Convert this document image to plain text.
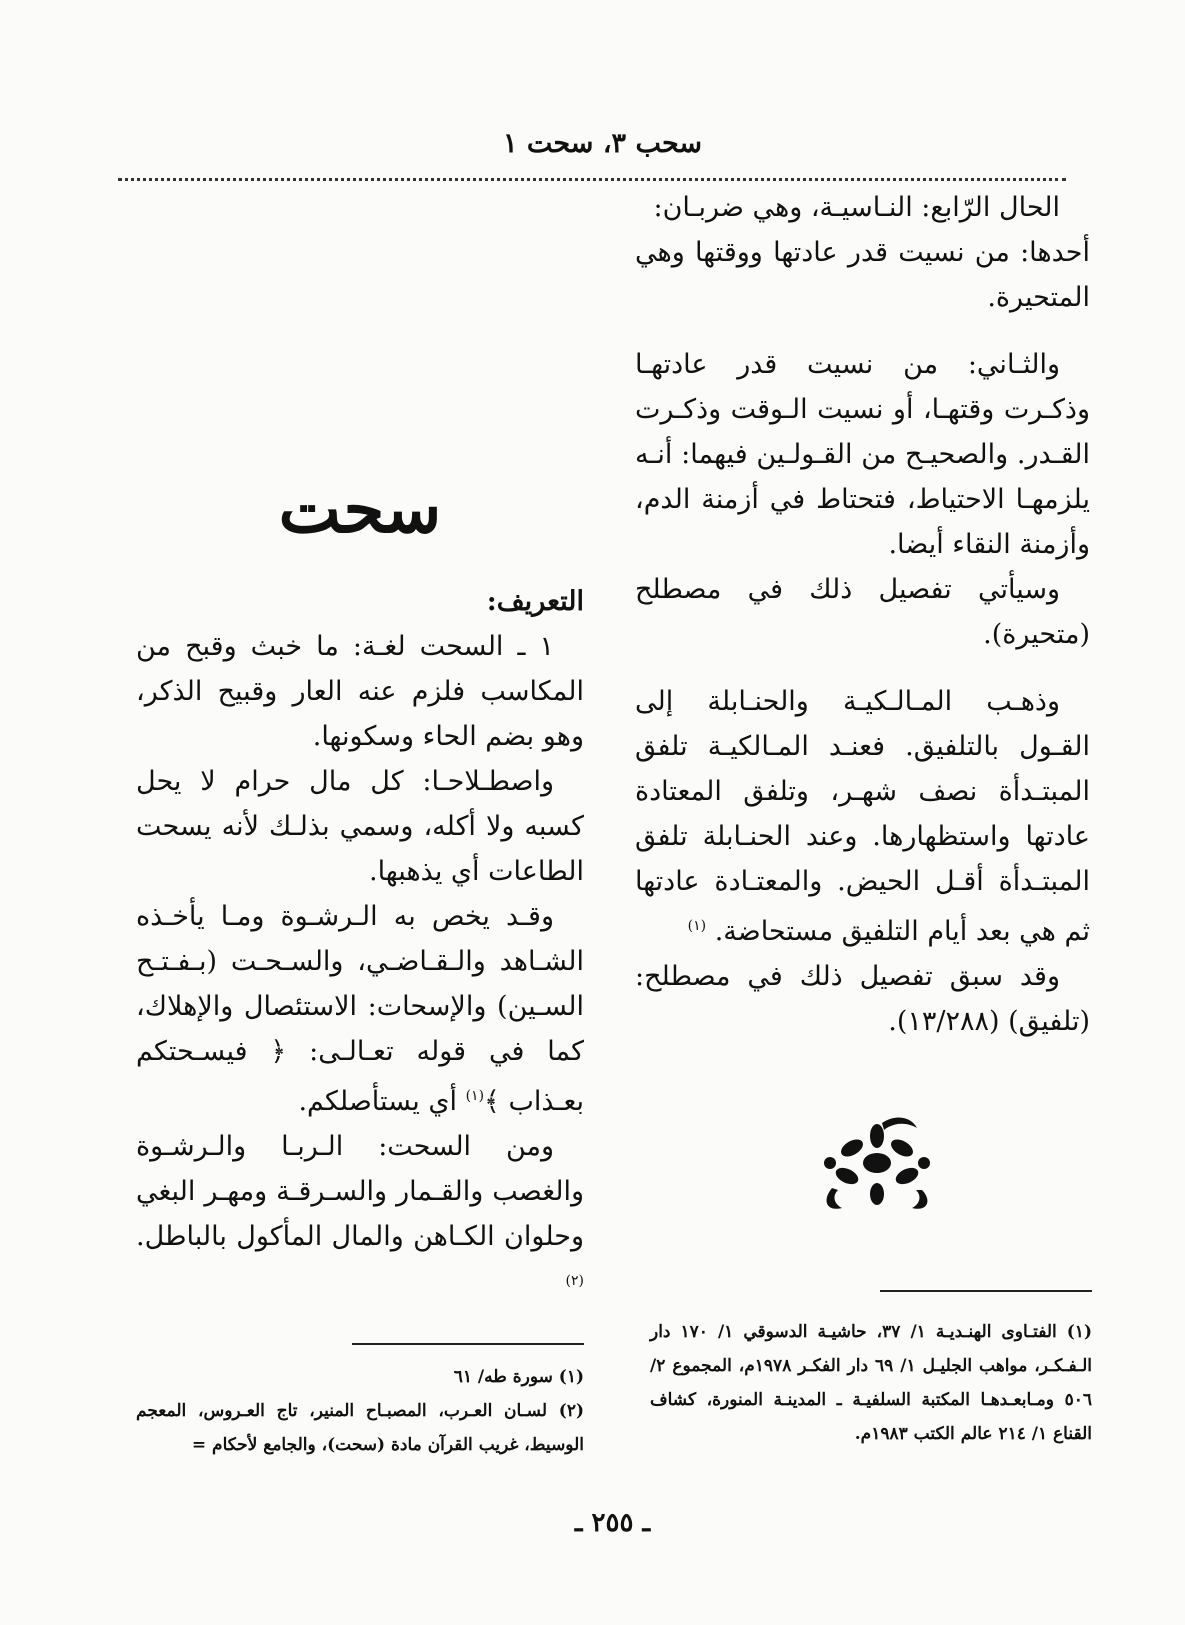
سحب ٣، سحت ١

الحال الرّابع: النـاسيـة، وهي ضربـان:

أحدها: من نسيت قدر عادتها ووقتها وهي المتحيرة.

والثـاني: من نسيت قدر عادتهـا وذكـرت وقتهـا، أو نسيت الـوقت وذكـرت القـدر. والصحيـح من القـولـين فيهما: أنـه يلزمهـا الاحتياط، فتحتاط في أزمنة الدم، وأزمنة النقاء أيضا.

وسيأتي تفصيل ذلك في مصطلح (متحيرة).

وذهـب المـالـكيـة والحنـابلة إلى القـول بالتلفيق. فعنـد المـالكيـة تلفق المبتـدأة نصف شهـر، وتلفق المعتادة عادتها واستظهارها. وعند الحنـابلة تلفق المبتـدأة أقـل الحيض. والمعتـادة عادتها ثم هي بعد أيام التلفيق مستحاضة. $^{(١)}$

وقد سبق تفصيل ذلك في مصطلح: (تلفيق) (١٣/٢٨٨).

سحت

التعريف:

١ ـ السحت لغـة: ما خبث وقبح من المكاسب فلزم عنه العار وقبيح الذكر، وهو بضم الحاء وسكونها.

واصطـلاحـا: كل مال حرام لا يحل كسبه ولا أكله، وسمي بذلـك لأنه يسحت الطاعات أي يذهبها.

وقـد يخص به الـرشـوة ومـا يأخـذه الشـاهد والـقـاضـي، والسـحـت (بـفـتـح السـين) والإسحات: الاستئصال والإهلاك، كما في قوله تعـالـى: ﴿ فيسـحتكم بعـذاب ﴾$^{(١)}$ أي يستأصلكم.

ومن السحت: الـربـا والـرشـوة والغصب والقـمار والسـرقـة ومهـر البغي وحلوان الكـاهن والمال المأكول بالباطل. $^{(٢)}$

(١) الفتـاوى الهنـديـة ١/ ٣٧، حاشيـة الدسوقي ١/ ١٧٠ دار الـفـكـر، مواهب الجليـل ١/ ٦٩ دار الفكـر ١٩٧٨م، المجموع ٢/ ٥٠٦ ومـابعـدهـا المكتبة السلفيـة ـ المدينـة المنورة، كشاف القناع ١/ ٢١٤ عالم الكتب ١٩٨٣م.

(١) سورة طه/ ٦١

(٢) لسـان العـرب، المصبـاح المنير، تاج العـروس، المعجم الوسيط، غريب القرآن مادة (سحت)، والجامع لأحكام =

ـ ٢٥٥ ـ
